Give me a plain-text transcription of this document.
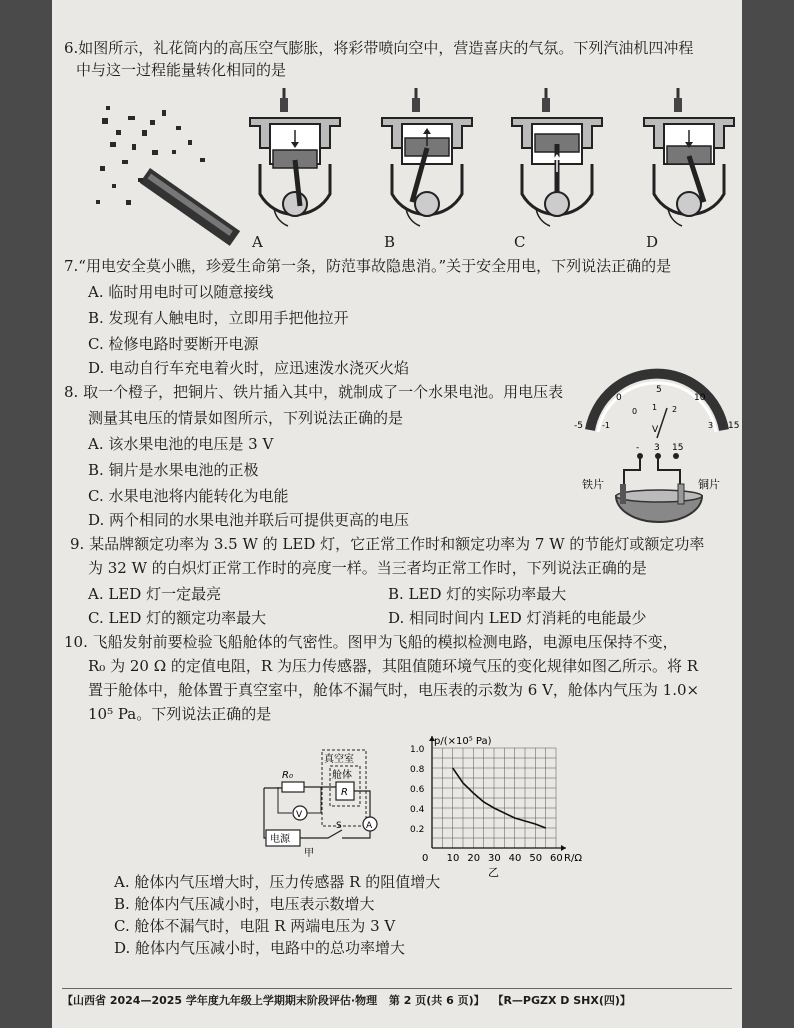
6.如图所示，礼花筒内的高压空气膨胀，将彩带喷向空中，营造喜庆的气氛。下列汽油机四冲程
中与这一过程能量转化相同的是
A	B	C	D
7.“用电安全莫小瞧，珍爱生命第一条，防范事故隐患消。”关于安全用电，下列说法正确的是
A. 临时用电时可以随意接线
B. 发现有人触电时，立即用手把他拉开
C. 检修电路时要断开电源
D. 电动自行车充电着火时，应迅速泼水浇灭火焰
8. 取一个橙子，把铜片、铁片插入其中，就制成了一个水果电池。用电压表
测量其电压的情景如图所示，下列说法正确的是
A. 该水果电池的电压是 3 V
B. 铜片是水果电池的正极
C. 水果电池将内能转化为电能
D. 两个相同的水果电池并联后可提供更高的电压
0
5
10
15
-5 -1
0 1 2
3
V
- 3 15
铁片	铜片
9. 某品牌额定功率为 3.5 W 的 LED 灯，它正常工作时和额定功率为 7 W 的节能灯或额定功率
为 32 W 的白炽灯正常工作时的亮度一样。当三者均正常工作时，下列说法正确的是
A. LED 灯一定最亮	B. LED 灯的实际功率最大
C. LED 灯的额定功率最大	D. 相同时间内 LED 灯消耗的电能最少
10. 飞船发射前要检验飞船舱体的气密性。图甲为飞船的模拟检测电路，电源电压保持不变，
R₀ 为 20 Ω 的定值电阻，R 为压力传感器，其阻值随环境气压的变化规律如图乙所示。将 R
置于舱体中，舱体置于真空室中，舱体不漏气时，电压表的示数为 6 V，舱体内气压为 1.0×
10⁵ Pa。下列说法正确的是
真空室
舱体
R
R₀
V
A
电源
S
甲	10 20 30 40 50 60
0.2
0.4
0.6
0.8
1.0
0
p/(×10⁵ Pa)
R/Ω
乙
A. 舱体内气压增大时，压力传感器 R 的阻值增大
B. 舱体内气压减小时，电压表示数增大
C. 舱体不漏气时，电阻 R 两端电压为 3 V
D. 舱体内气压减小时，电路中的总功率增大
【山西省 2024—2025 学年度九年级上学期期末阶段评估·物理 第 2 页(共 6 页)】 【R—PGZX D SHX(四)】
